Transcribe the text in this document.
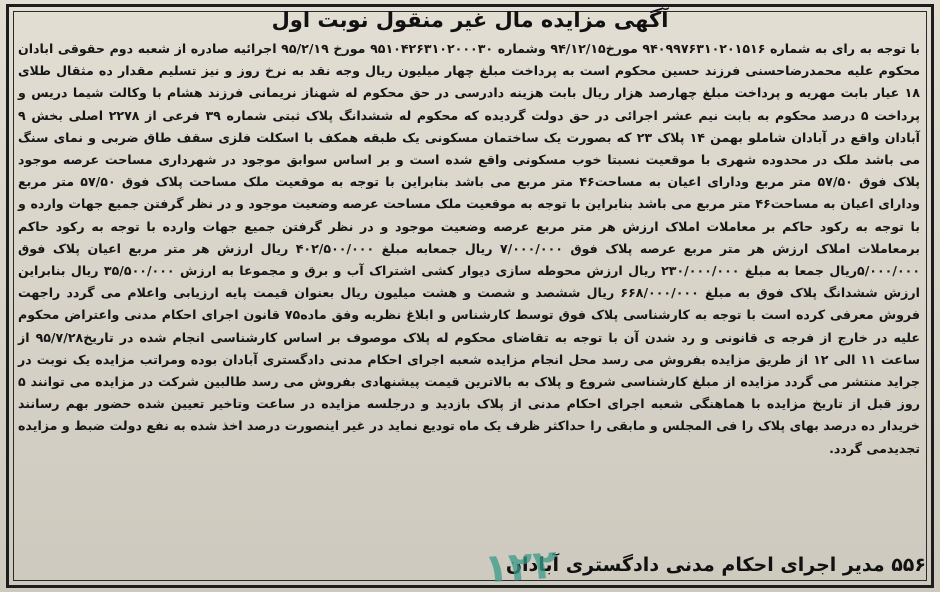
آگهی مزایده مال غیر منقول نوبت اول

با توجه به رای به شماره ۹۴۰۹۹۷۶۳۱۰۲۰۱۵۱۶ مورخ۹۴/۱۲/۱۵ وشماره ۹۵۱۰۴۲۶۳۱۰۲۰۰۰۳۰ مورخ ۹۵/۲/۱۹ اجرائیه صادره از شعبه دوم حقوقی ابادان محکوم علیه محمدرضاحسنی فرزند حسین محکوم است به پرداخت مبلغ چهار میلیون ریال وجه نقد به نرخ روز و نیز تسلیم مقدار ده مثقال طلای ۱۸ عیار بابت مهریه و پرداخت مبلغ چهارصد هزار ریال بابت هزینه دادرسی در حق محکوم له شهناز نریمانی فرزند هشام با وکالت شیما دریس و پرداخت ۵ درصد محکوم به بابت نیم عشر اجرائی در حق دولت گردیده که محکوم له ششدانگ پلاک ثبتی شماره ۳۹ فرعی از ۲۲۷۸ اصلی بخش ۹ آبادان واقع در آبادان شاملو بهمن ۱۴ پلاک ۲۳ که بصورت یک ساختمان مسکونی یک طبقه همکف با اسکلت فلزی سقف طاق ضربی و نمای سنگ می باشد ملک در محدوده شهری با موقعیت نسبتا خوب مسکونی واقع شده است و بر اساس سوابق موجود در شهرداری مساحت عرصه موجود پلاک فوق ۵۷/۵۰ متر مربع ودارای اعیان به مساحت۴۶ متر مربع می باشد بنابراین با توجه به موقعیت ملک مساحت پلاک فوق ۵۷/۵۰ متر مربع ودارای اعیان به مساحت۴۶ متر مربع می باشد بنابراین با توجه به موقعیت ملک مساحت عرصه وضعیت موجود و در نظر گرفتن جمیع جهات وارده و با توجه به رکود حاکم بر معاملات املاک ارزش هر متر مربع عرصه وضعیت موجود و در نظر گرفتن جمیع جهات وارده با توجه به رکود حاکم برمعاملات املاک ارزش هر متر مربع عرصه پلاک فوق ۷/۰۰۰/۰۰۰ ریال جمعابه مبلغ ۴۰۲/۵۰۰/۰۰۰ ریال ارزش هر متر مربع اعیان پلاک فوق ۵/۰۰۰/۰۰۰ریال جمعا به مبلغ ۲۳۰/۰۰۰/۰۰۰ ریال ارزش محوطه سازی دیوار کشی اشتراک آب و برق و مجموعا به ارزش ۳۵/۵۰۰/۰۰۰ ریال بنابراین ارزش ششدانگ پلاک فوق به مبلغ ۶۶۸/۰۰۰/۰۰۰ ریال ششصد و شصت و هشت میلیون ریال بعنوان قیمت پایه ارزیابی واعلام می گردد راجهت فروش معرفی کرده است با توجه به کارشناسی پلاک فوق توسط کارشناس و ابلاغ نظریه وفق ماده۷۵ قانون اجرای احکام مدنی واعتراض محکوم علیه در خارج از فرجه ی قانونی و رد شدن آن با توجه به تقاضای محکوم له پلاک موصوف بر اساس کارشناسی انجام شده در تاریخ۹۵/۷/۲۸ از ساعت ۱۱ الی ۱۲ از طریق مزایده بفروش می رسد محل انجام مزایده شعبه اجرای احکام مدنی دادگستری آبادان بوده ومراتب مزایده یک نوبت در جراید منتشر می گردد مزایده از مبلغ کارشناسی شروع و پلاک به بالاترین قیمت پیشنهادی بفروش می رسد طالبین شرکت در مزایده می توانند ۵ روز قبل از تاریخ مزایده با هماهنگی شعبه اجرای احکام مدنی از پلاک بازدید و درجلسه مزایده در ساعت وتاخیر تعیین شده حضور بهم رسانند خریدار ده درصد بهای پلاک را فی المجلس و مابقی را حداکثر ظرف یک ماه تودیع نماید در غیر اینصورت درصد اخذ شده به نفع دولت ضبط و مزایده تجدیدمی گردد.

۵۵۶ مدیر اجرای احکام مدنی دادگستری آبادان
۱۲۲
